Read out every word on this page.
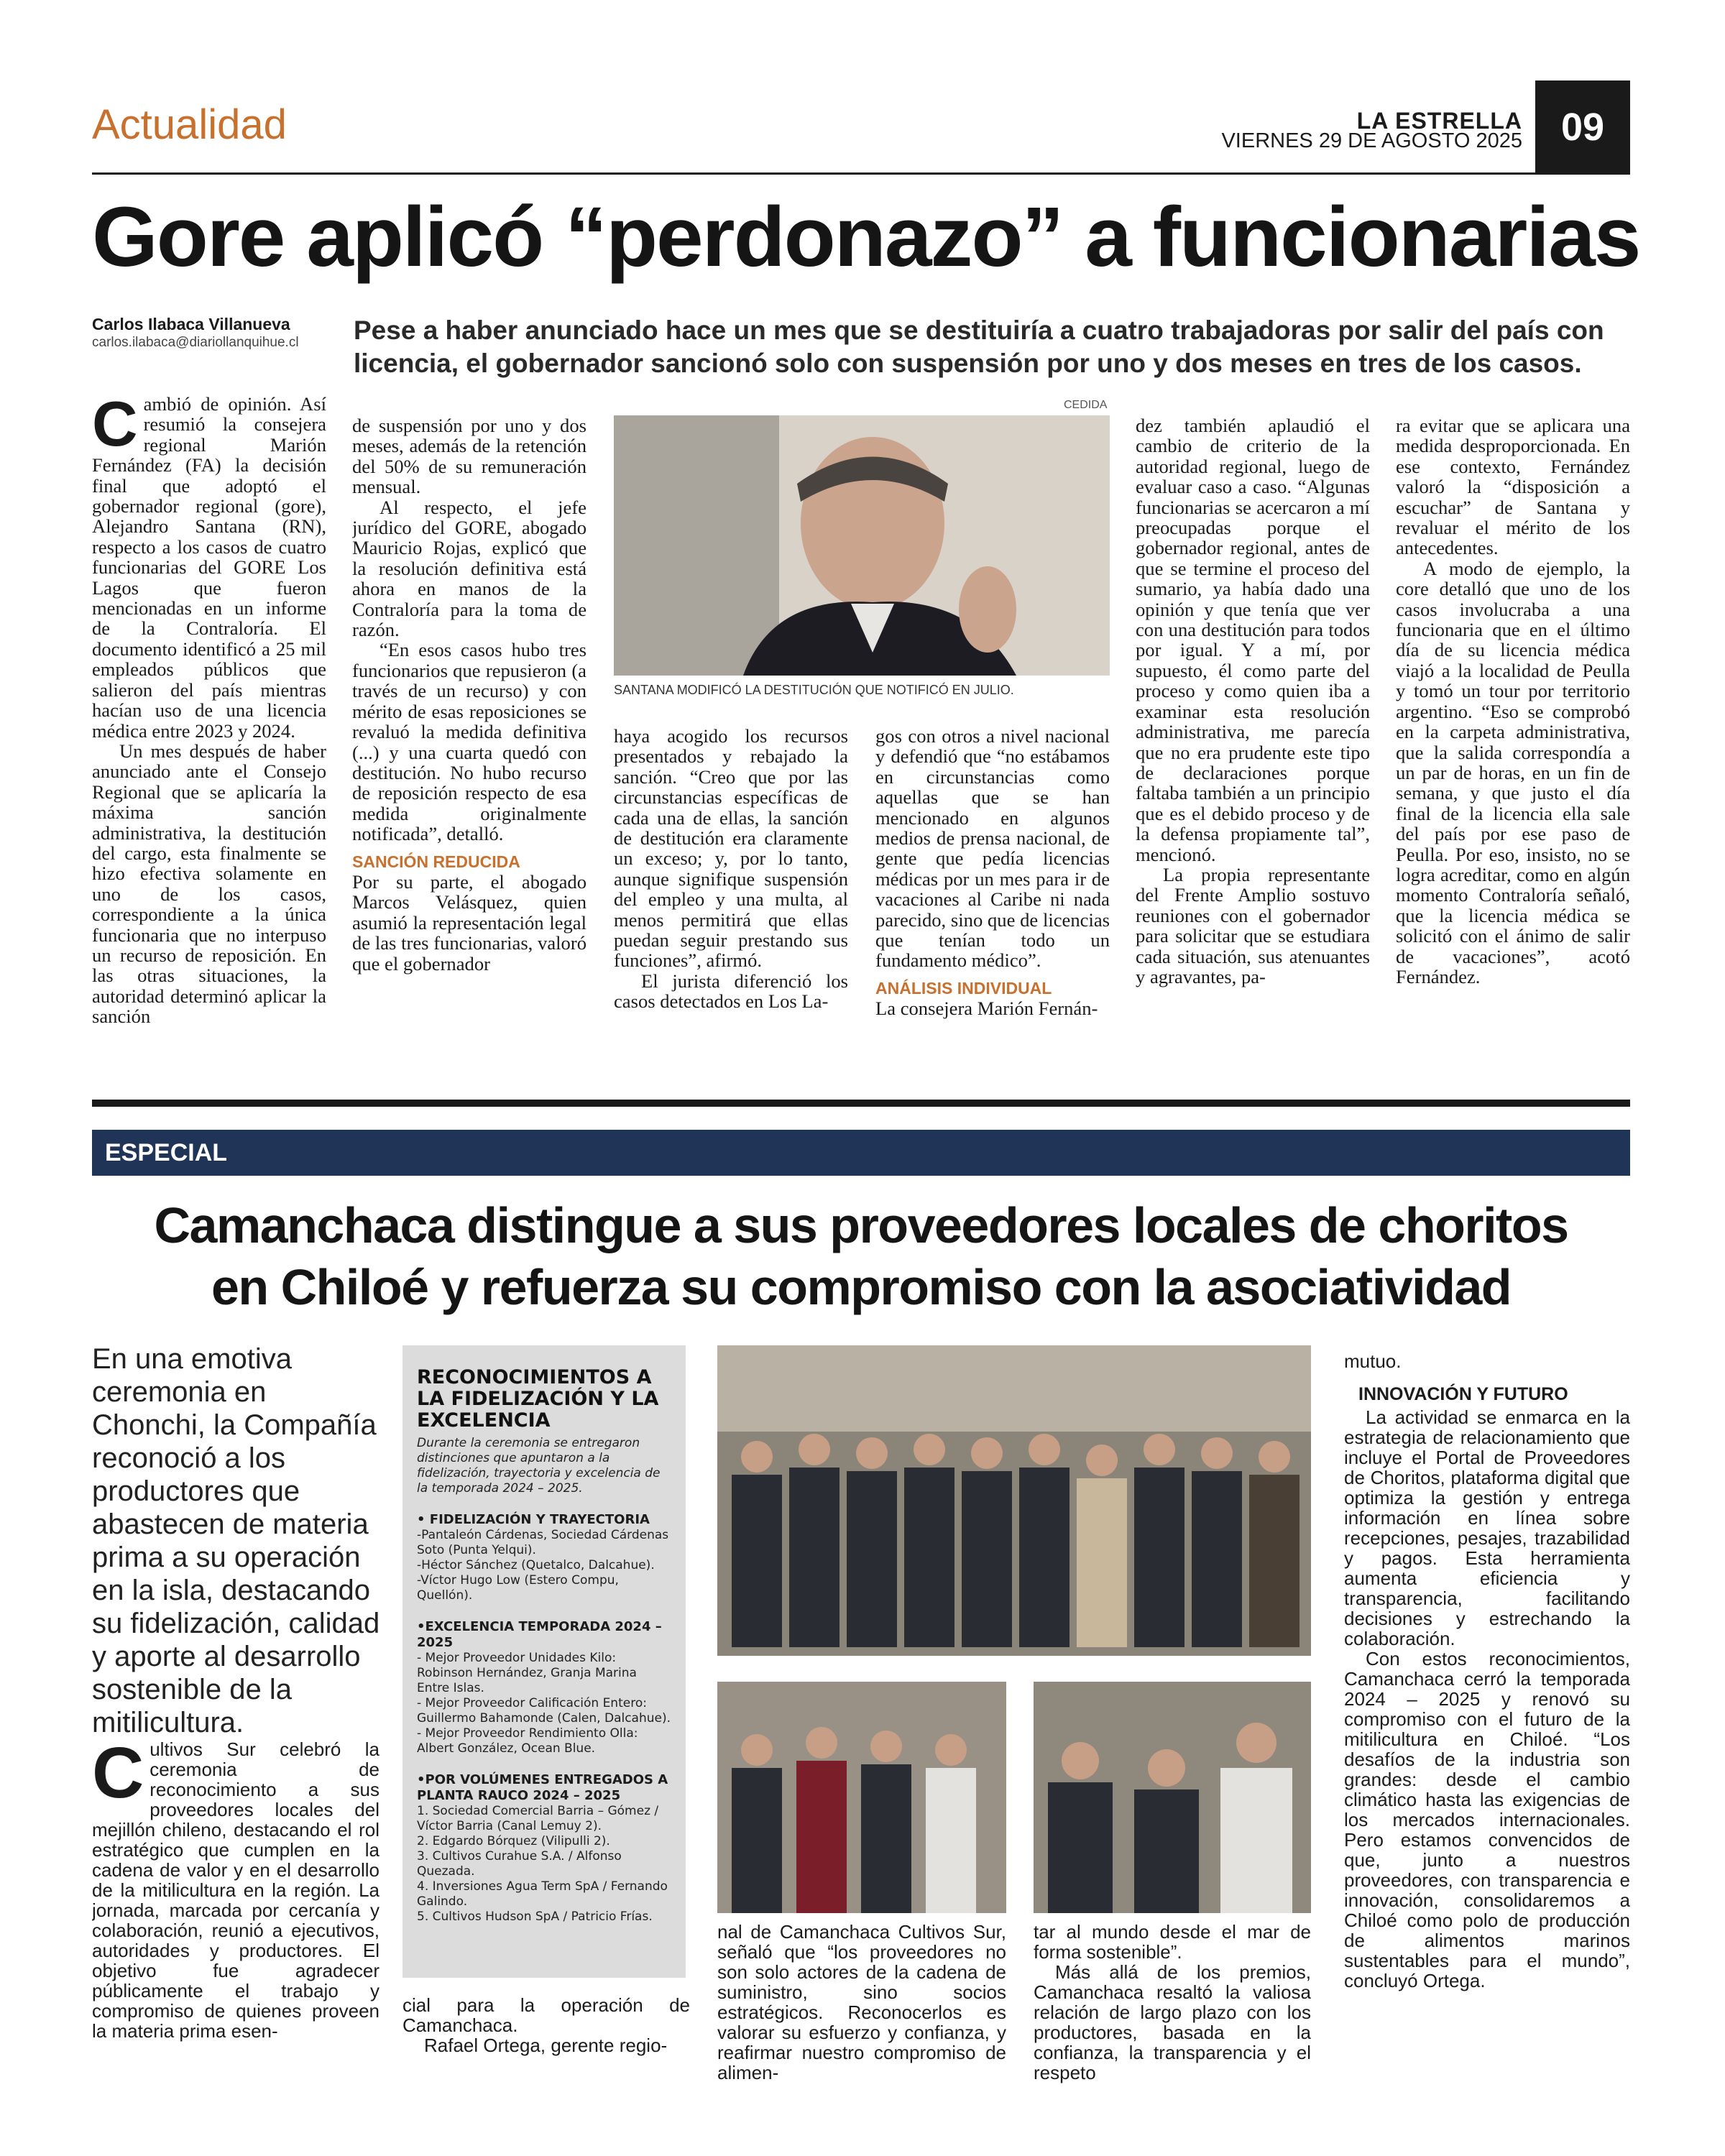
Actualidad	LA ESTRELLA
VIERNES 29 DE AGOSTO 2025 09
Gore aplicó “perdonazo” a funcionarias
Carlos Ilabaca Villanueva
carlos.ilabaca@diariollanquihue.cl Pese a haber anunciado hace un mes que se destituiría a cuatro trabajadoras por salir del país con licencia, el gobernador sancionó solo con suspensión por uno y dos meses en tres de los casos.
C ambió de opinión. Así resumió la consejera regional Marión Fernández (FA) la decisión final que adoptó el gobernador regional (gore), Alejandro Santana (RN), respecto a los casos de cuatro funcionarias del GORE Los Lagos que fueron mencionadas en un informe de la Contraloría. El documento identificó a 25 mil empleados públicos que salieron del país mientras hacían uso de una licencia médica entre 2023 y 2024.

Un mes después de haber anunciado ante el Consejo Regional que se aplicaría la máxima sanción administrativa, la destitución del cargo, esta finalmente se hizo efectiva solamente en uno de los casos, correspondiente a la única funcionaria que no interpuso un recurso de reposición. En las otras situaciones, la autoridad determinó aplicar la sanción

de suspensión por uno y dos meses, además de la retención del 50% de su remuneración mensual.

Al respecto, el jefe jurídico del GORE, abogado Mauricio Rojas, explicó que la resolución definitiva está ahora en manos de la Contraloría para la toma de razón.

“En esos casos hubo tres funcionarios que repusieron (a través de un recurso) y con mérito de esas reposiciones se revaluó la medida definitiva (...) y una cuarta quedó con destitución. No hubo recurso de reposición respecto de esa medida originalmente notificada”, detalló.

SANCIÓN REDUCIDA

Por su parte, el abogado Marcos Velásquez, quien asumió la representación legal de las tres funcionarias, valoró que el gobernador

CEDIDA
SANTANA MODIFICÓ LA DESTITUCIÓN QUE NOTIFICÓ EN JULIO.

haya acogido los recursos presentados y rebajado la sanción. “Creo que por las circunstancias específicas de cada una de ellas, la sanción de destitución era claramente un exceso; y, por lo tanto, aunque signifique suspensión del empleo y una multa, al menos permitirá que ellas puedan seguir prestando sus funciones”, afirmó.

El jurista diferenció los casos detectados en Los La-

gos con otros a nivel nacional y defendió que “no estábamos en circunstancias como aquellas que se han mencionado en algunos medios de prensa nacional, de gente que pedía licencias médicas por un mes para ir de vacaciones al Caribe ni nada parecido, sino que de licencias que tenían todo un fundamento médico”.

ANÁLISIS INDIVIDUAL

La consejera Marión Fernán-

dez también aplaudió el cambio de criterio de la autoridad regional, luego de evaluar caso a caso. “Algunas funcionarias se acercaron a mí preocupadas porque el gobernador regional, antes de que se termine el proceso del sumario, ya había dado una opinión y que tenía que ver con una destitución para todos por igual. Y a mí, por supuesto, él como parte del proceso y como quien iba a examinar esta resolución administrativa, me parecía que no era prudente este tipo de declaraciones porque faltaba también a un principio que es el debido proceso y de la defensa propiamente tal”, mencionó.

La propia representante del Frente Amplio sostuvo reuniones con el gobernador para solicitar que se estudiara cada situación, sus atenuantes y agravantes, pa-

ra evitar que se aplicara una medida desproporcionada. En ese contexto, Fernández valoró la “disposición a escuchar” de Santana y revaluar el mérito de los antecedentes.

A modo de ejemplo, la core detalló que uno de los casos involucraba a una funcionaria que en el último día de su licencia médica viajó a la localidad de Peulla y tomó un tour por territorio argentino. “Eso se comprobó en la carpeta administrativa, que la salida correspondía a un par de horas, en un fin de semana, y que justo el día final de la licencia ella sale del país por ese paso de Peulla. Por eso, insisto, no se logra acreditar, como en algún momento Contraloría señaló, que la licencia médica se solicitó con el ánimo de salir de vacaciones”, acotó Fernández.

ESPECIAL
Camanchaca distingue a sus proveedores locales de choritos
en Chiloé y refuerza su compromiso con la asociatividad
En una emotiva ceremonia en Chonchi, la Compañía reconoció a los productores que abastecen de materia prima a su operación en la isla, destacando su fidelización, calidad y aporte al desarrollo sostenible de la mitilicultura.
C ultivos Sur celebró la ceremonia de reconocimiento a sus proveedores locales del mejillón chileno, destacando el rol estratégico que cumplen en la cadena de valor y en el desarrollo de la mitilicultura en la región. La jornada, marcada por cercanía y colaboración, reunió a ejecutivos, autoridades y productores. El objetivo fue agradecer públicamente el trabajo y compromiso de quienes proveen la materia prima esen-

RECONOCIMIENTOS A LA FIDELIZACIÓN Y LA EXCELENCIA
Durante la ceremonia se entregaron distinciones que apuntaron a la fidelización, trayectoria y excelencia de la temporada 2024 – 2025.
• FIDELIZACIÓN Y TRAYECTORIA
-Pantaleón Cárdenas, Sociedad Cárdenas Soto (Punta Yelqui).
-Héctor Sánchez (Quetalco, Dalcahue).
-Víctor Hugo Low (Estero Compu, Quellón).
•EXCELENCIA TEMPORADA 2024 – 2025
- Mejor Proveedor Unidades Kilo: Robinson Hernández, Granja Marina Entre Islas.
- Mejor Proveedor Calificación Entero: Guillermo Bahamonde (Calen, Dalcahue).
- Mejor Proveedor Rendimiento Olla: Albert González, Ocean Blue.
•POR VOLÚMENES ENTREGADOS A PLANTA RAUCO 2024 – 2025
1. Sociedad Comercial Barria – Gómez / Víctor Barria (Canal Lemuy 2).
2. Edgardo Bórquez (Vilipulli 2).
3. Cultivos Curahue S.A. / Alfonso Quezada.
4. Inversiones Agua Term SpA / Fernando Galindo.
5. Cultivos Hudson SpA / Patricio Frías.

cial para la operación de Camanchaca.

Rafael Ortega, gerente regio-

nal de Camanchaca Cultivos Sur, señaló que “los proveedores no son solo actores de la cadena de suministro, sino socios estratégicos. Reconocerlos es valorar su esfuerzo y confianza, y reafirmar nuestro compromiso de alimen-

tar al mundo desde el mar de forma sostenible”.

Más allá de los premios, Camanchaca resaltó la valiosa relación de largo plazo con los productores, basada en la confianza, la transparencia y el respeto

mutuo.

INNOVACIÓN Y FUTURO

La actividad se enmarca en la estrategia de relacionamiento que incluye el Portal de Proveedores de Choritos, plataforma digital que optimiza la gestión y entrega información en línea sobre recepciones, pesajes, trazabilidad y pagos. Esta herramienta aumenta eficiencia y transparencia, facilitando decisiones y estrechando la colaboración.

Con estos reconocimientos, Camanchaca cerró la temporada 2024 – 2025 y renovó su compromiso con el futuro de la mitilicultura en Chiloé. “Los desafíos de la industria son grandes: desde el cambio climático hasta las exigencias de los mercados internacionales. Pero estamos convencidos de que, junto a nuestros proveedores, con transparencia e innovación, consolidaremos a Chiloé como polo de producción de alimentos marinos sustentables para el mundo”, concluyó Ortega.
